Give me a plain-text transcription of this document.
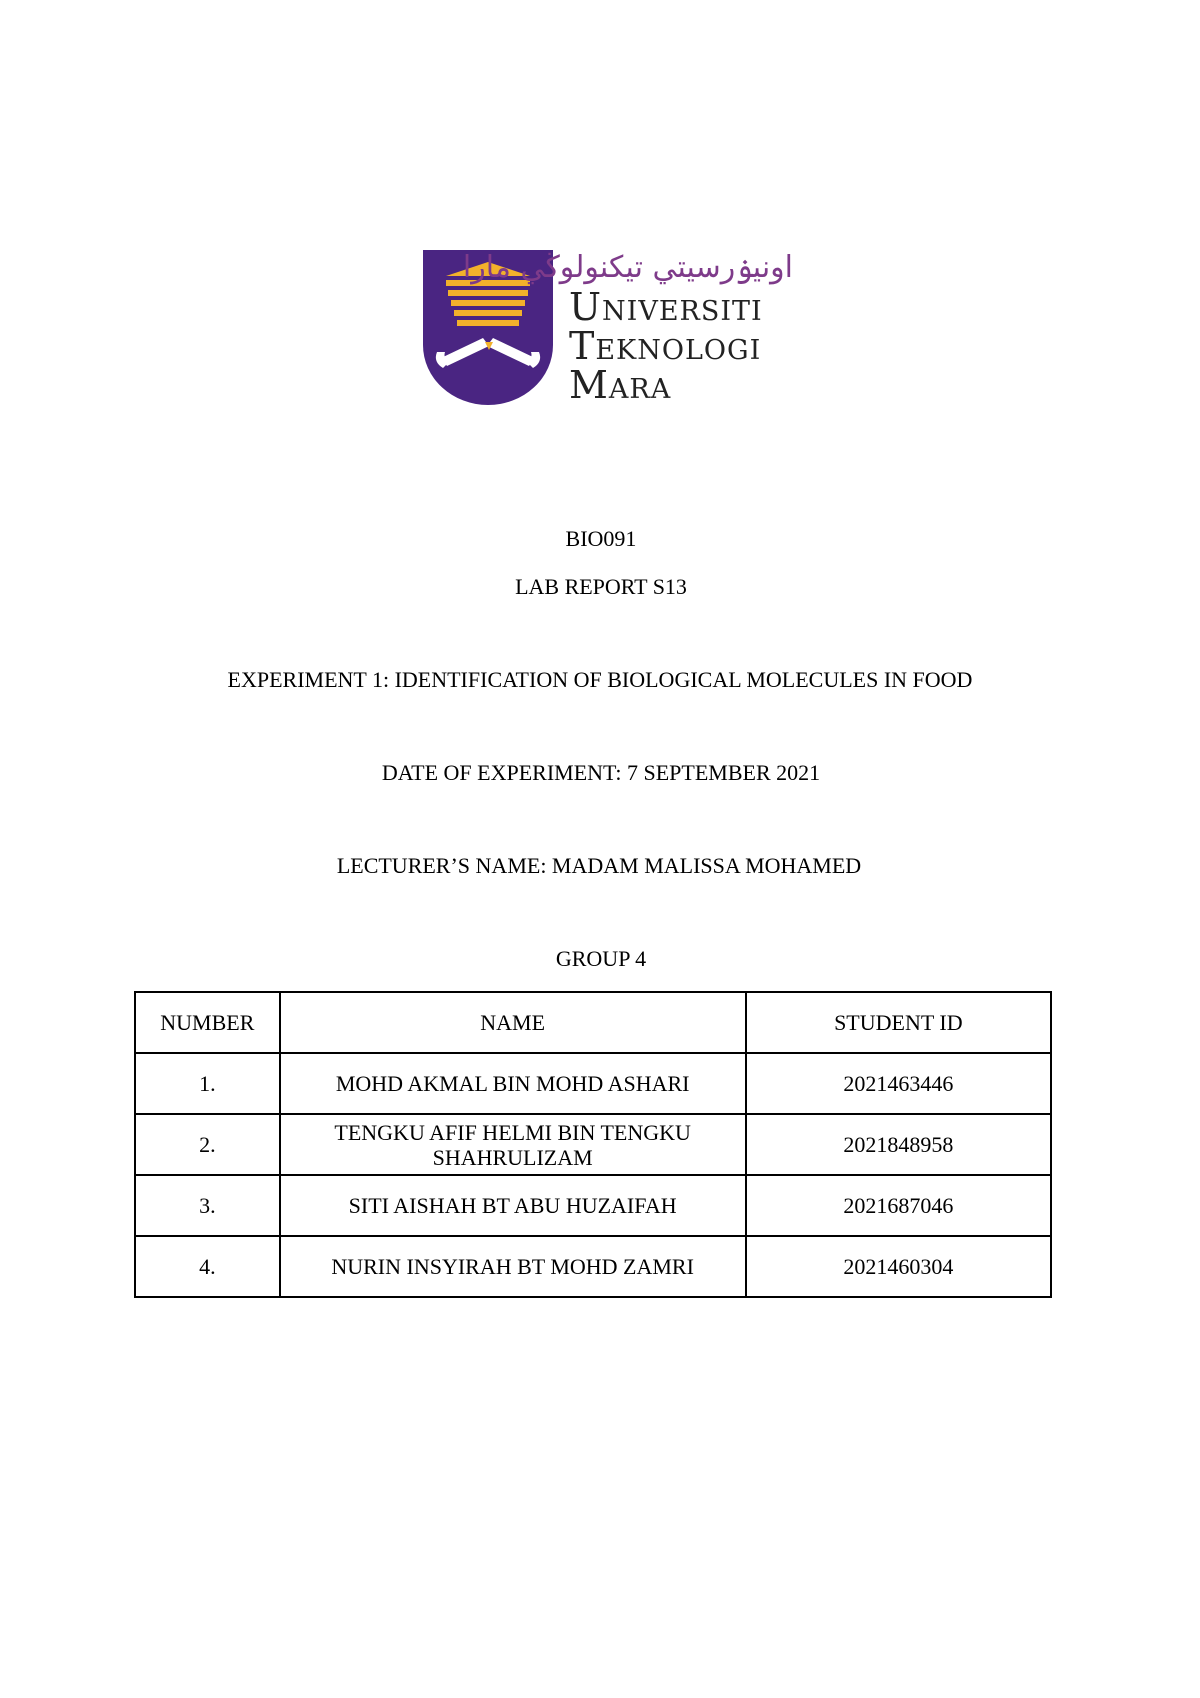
اونيۏرسيتي تيكنولوڬي مارا
Universiti
Teknologi
Mara
BIO091
LAB REPORT S13
EXPERIMENT 1: IDENTIFICATION OF BIOLOGICAL MOLECULES IN FOOD
DATE OF EXPERIMENT: 7 SEPTEMBER 2021
LECTURER’S NAME: MADAM MALISSA MOHAMED
GROUP 4
NUMBER	NAME	STUDENT ID
1.	MOHD AKMAL BIN MOHD ASHARI	2021463446
2.	TENGKU AFIF HELMI BIN TENGKU SHAHRULIZAM	2021848958
3.	SITI AISHAH BT ABU HUZAIFAH	2021687046
4.	NURIN INSYIRAH BT MOHD ZAMRI	2021460304
